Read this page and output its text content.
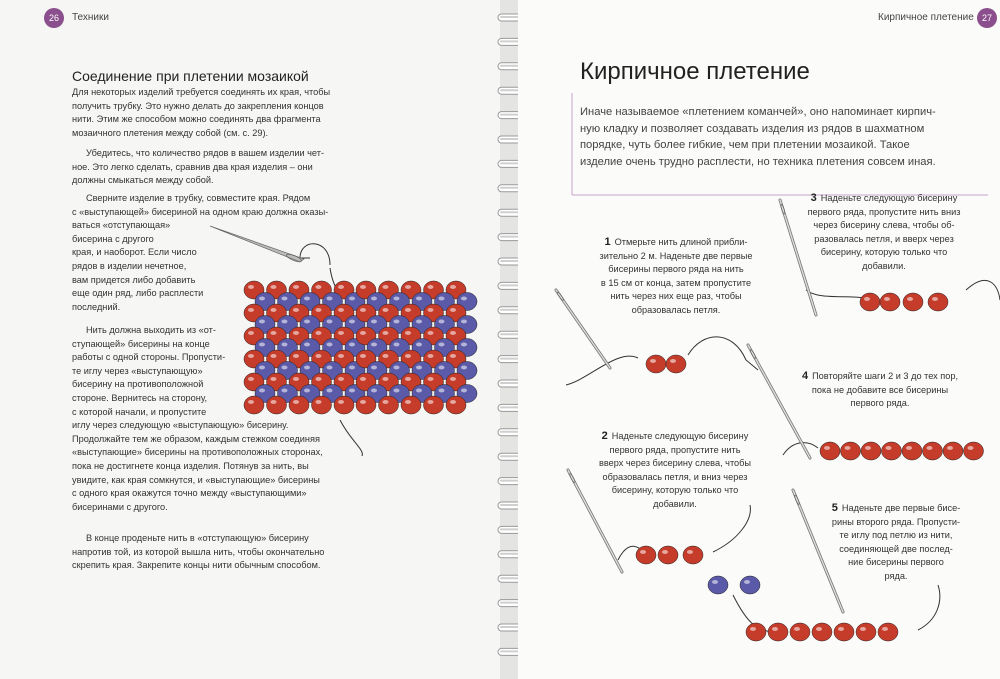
26	Техники
Соединение при плетении мозаикой
Для некоторых изделий требуется соединять их края, чтобы
получить трубку. Это нужно делать до закрепления концов
нити. Этим же способом можно соединять два фрагмента
мозаичного плетения между собой (см. с. 29).
Убедитесь, что количество рядов в вашем изделии чет-
ное. Это легко сделать, сравнив два края изделия – они
должны смыкаться между собой.
Сверните изделие в трубку, совместите края. Рядом
с «выступающей» бисериной на одном краю должна оказы-
ваться «отступающая»
бисерина с другого
края, и наоборот. Если число
рядов в изделии нечетное,
вам придется либо добавить
еще один ряд, либо расплести
последний.
Нить должна выходить из «от-
ступающей» бисерины на конце
работы с одной стороны. Пропусти-
те иглу через «выступающую»
бисерину на противоположной
стороне. Вернитесь на сторону,
с которой начали, и пропустите
иглу через следующую «выступающую» бисерину.
Продолжайте тем же образом, каждым стежком соединяя
«выступающие» бисерины на противоположных сторонах,
пока не достигнете конца изделия. Потянув за нить, вы
увидите, как края сомкнутся, и «выступающие» бисерины
с одного края окажутся точно между «выступающими»
бисеринами с другого.
В конце проденьте нить в «отступающую» бисерину
напротив той, из которой вышла нить, чтобы окончательно
скрепить края. Закрепите концы нити обычным способом.
27
Кирпичное плетение
Кирпичное плетение
Иначе называемое «плетением команчей», оно напоминает кирпич-
ную кладку и позволяет создавать изделия из рядов в шахматном
порядке, чуть более гибкие, чем при плетении мозаикой. Такое
изделие очень трудно расплести, но техника плетения совсем иная.
1 Отмерьте нить длиной прибли-
зительно 2 м. Наденьте две первые
бисерины первого ряда на нить
в 15 см от конца, затем пропустите
нить через них еще раз, чтобы
образовалась петля.
2 Наденьте следующую бисерину
первого ряда, пропустите нить
вверх через бисерину слева, чтобы
образовалась петля, и вниз через
бисерину, которую только что
добавили.
3 Наденьте следующую бисерину
первого ряда, пропустите нить вниз
через бисерину слева, чтобы об-
разовалась петля, и вверх через
бисерину, которую только что
добавили.
4 Повторяйте шаги 2 и 3 до тех пор,
пока не добавите все бисерины
первого ряда.
5 Наденьте две первые бисе-
рины второго ряда. Пропусти-
те иглу под петлю из нити,
соединяющей две послед-
ние бисерины первого
ряда.
